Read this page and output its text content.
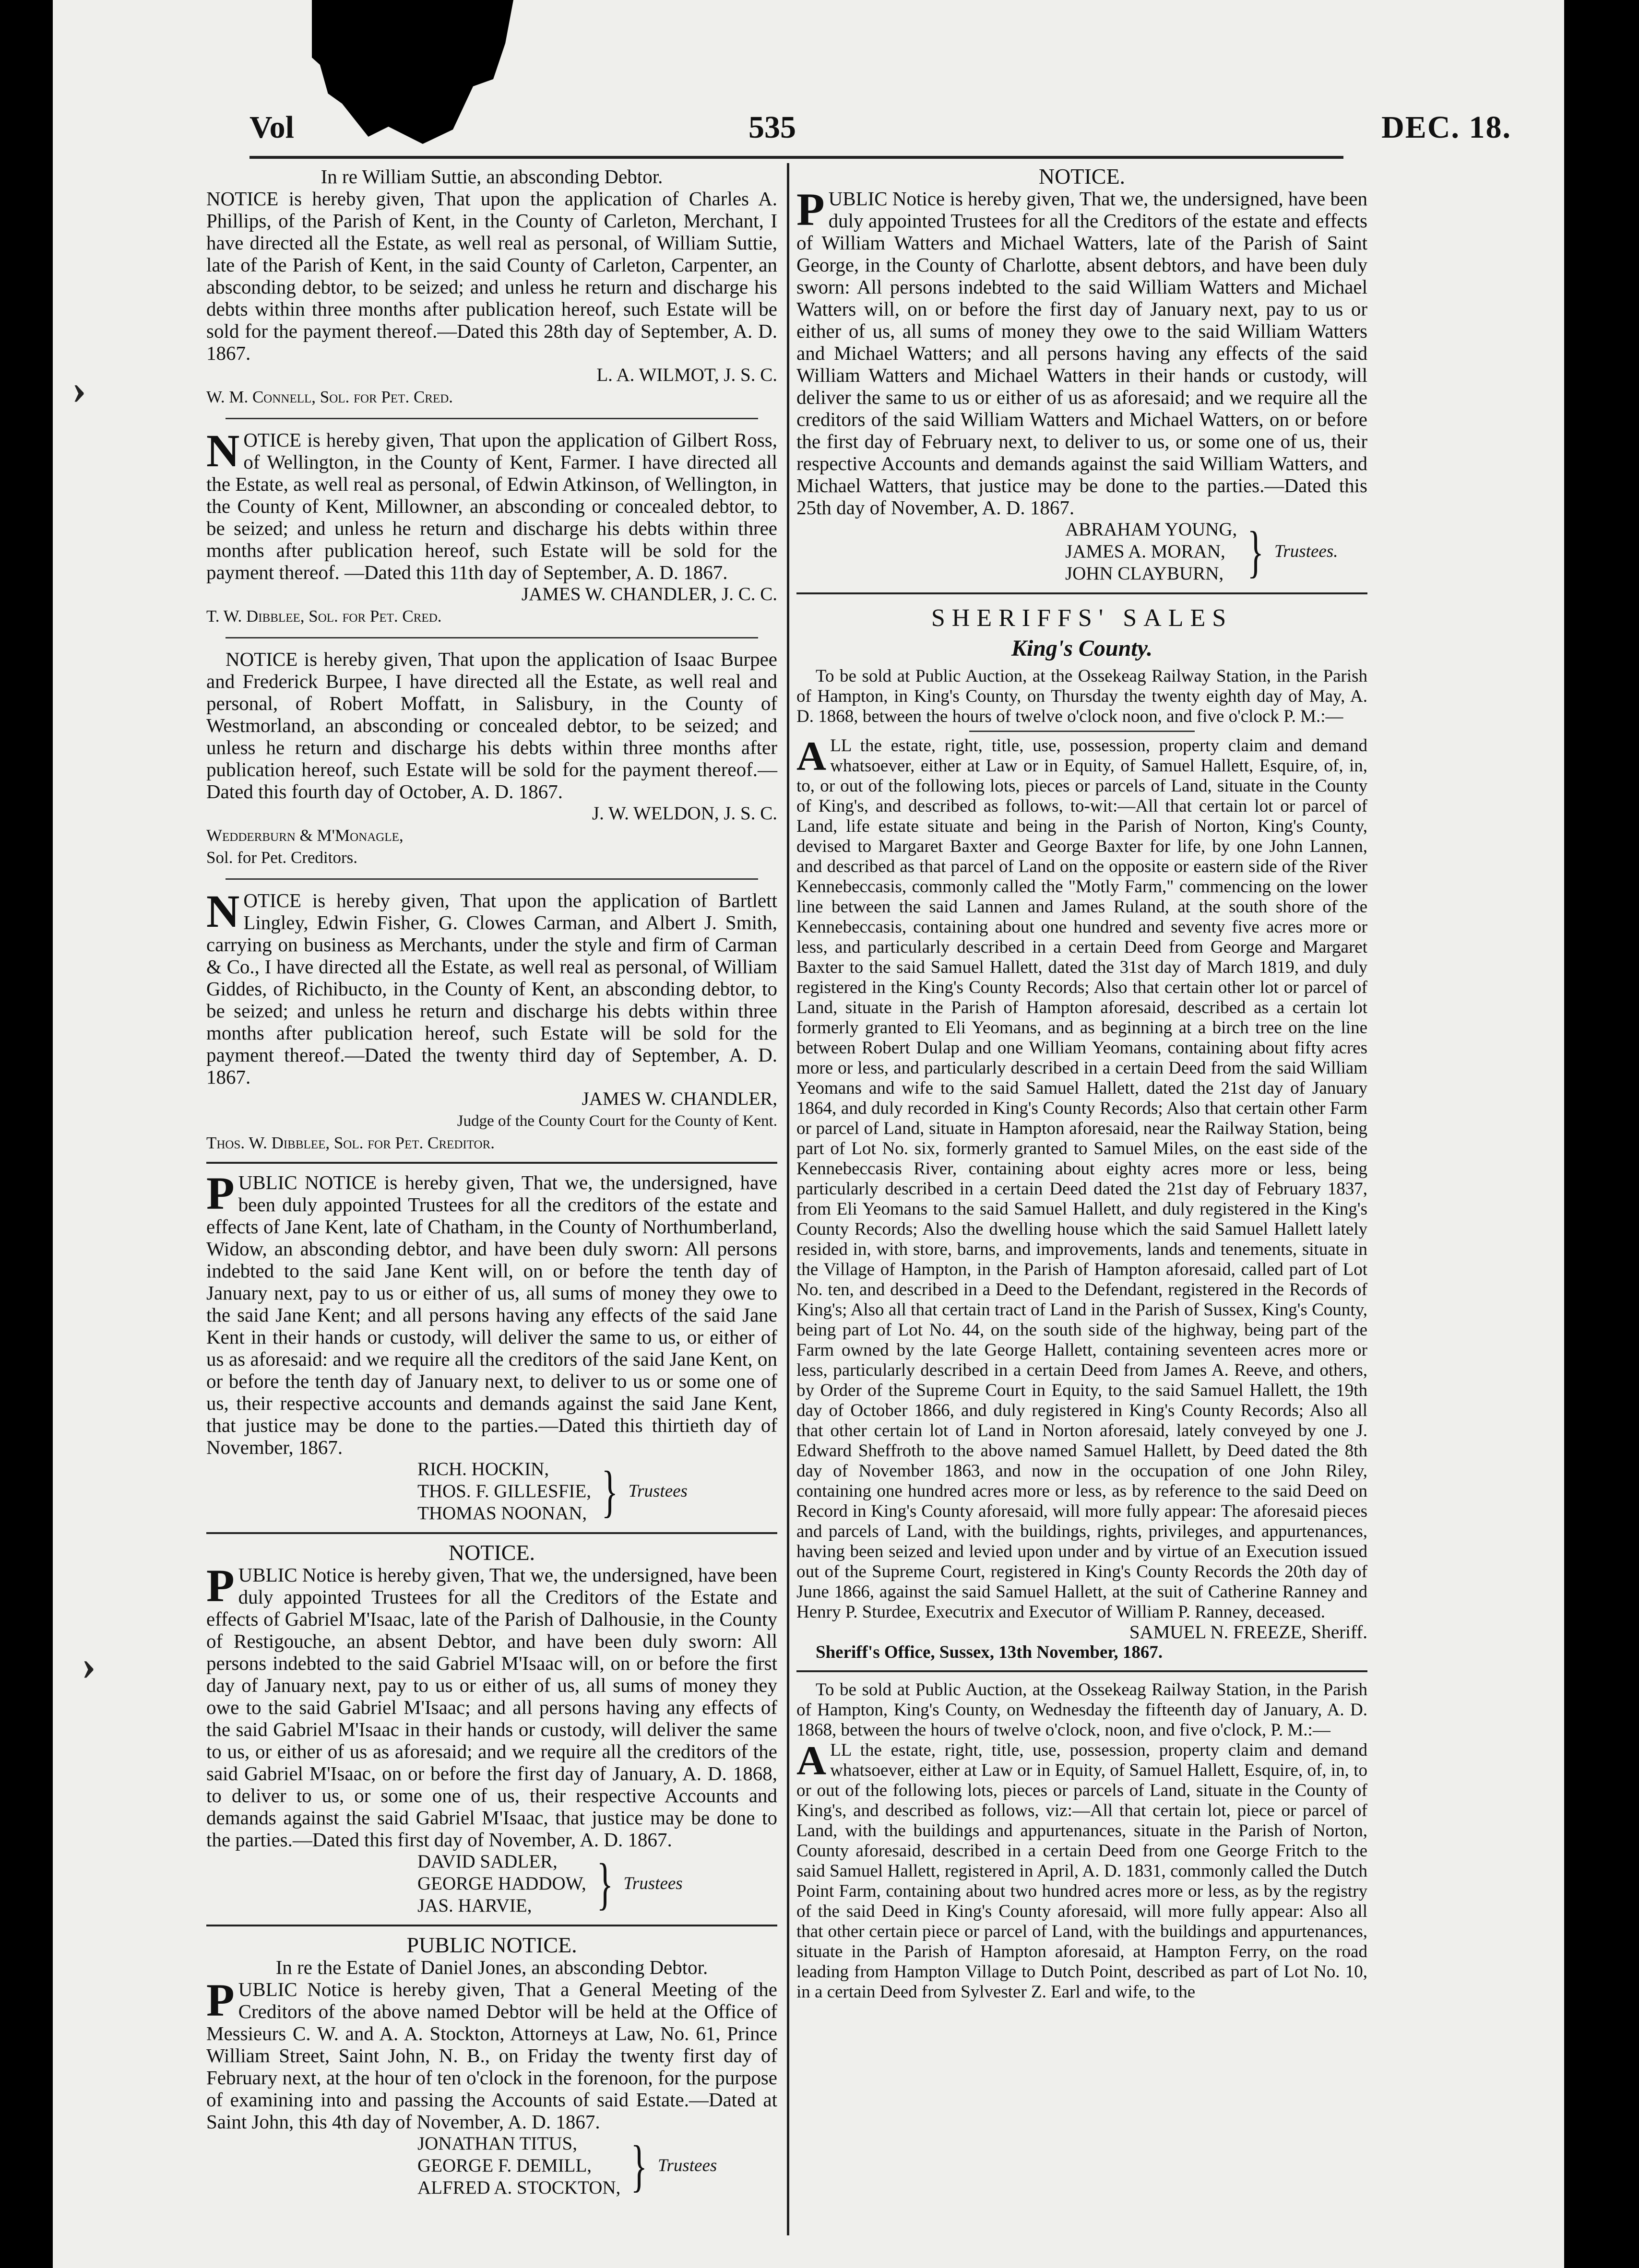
Vol	535	DEC. 18.
›
›

In re William Suttie, an absconding Debtor.

NOTICE is hereby given, That upon the application of Charles A. Phillips, of the Parish of Kent, in the County of Carleton, Merchant, I have directed all the Estate, as well real as personal, of William Suttie, late of the Parish of Kent, in the said County of Carleton, Carpenter, an absconding debtor, to be seized; and unless he return and discharge his debts within three months after publication hereof, such Estate will be sold for the payment thereof.—Dated this 28th day of September, A. D. 1867.

L. A. WILMOT, J. S. C.

W. M. Connell, Sol. for Pet. Cred.

NOTICE is hereby given, That upon the application of Gilbert Ross, of Wellington, in the County of Kent, Farmer. I have directed all the Estate, as well real as personal, of Edwin Atkinson, of Wellington, in the County of Kent, Millowner, an absconding or concealed debtor, to be seized; and unless he return and discharge his debts within three months after publication hereof, such Estate will be sold for the payment thereof. —Dated this 11th day of September, A. D. 1867.

JAMES W. CHANDLER, J. C. C.

T. W. Dibblee, Sol. for Pet. Cred.

NOTICE is hereby given, That upon the application of Isaac Burpee and Frederick Burpee, I have directed all the Estate, as well real and personal, of Robert Moffatt, in Salisbury, in the County of Westmorland, an absconding or concealed debtor, to be seized; and unless he return and discharge his debts within three months after publication hereof, such Estate will be sold for the payment thereof.—Dated this fourth day of October, A. D. 1867.

J. W. WELDON, J. S. C.

Wedderburn & M'Monagle,

Sol. for Pet. Creditors.

NOTICE is hereby given, That upon the application of Bartlett Lingley, Edwin Fisher, G. Clowes Carman, and Albert J. Smith, carrying on business as Merchants, under the style and firm of Carman & Co., I have directed all the Estate, as well real as personal, of William Giddes, of Richibucto, in the County of Kent, an absconding debtor, to be seized; and unless he return and discharge his debts within three months after publication hereof, such Estate will be sold for the payment thereof.—Dated the twenty third day of September, A. D. 1867.

JAMES W. CHANDLER,

Judge of the County Court for the County of Kent.

Thos. W. Dibblee, Sol. for Pet. Creditor.

PUBLIC NOTICE is hereby given, That we, the undersigned, have been duly appointed Trustees for all the creditors of the estate and effects of Jane Kent, late of Chatham, in the County of Northumberland, Widow, an absconding debtor, and have been duly sworn: All persons indebted to the said Jane Kent will, on or before the tenth day of January next, pay to us or either of us, all sums of money they owe to the said Jane Kent; and all persons having any effects of the said Jane Kent in their hands or custody, will deliver the same to us, or either of us as aforesaid: and we require all the creditors of the said Jane Kent, on or before the tenth day of January next, to deliver to us or some one of us, their respective accounts and demands against the said Jane Kent, that justice may be done to the parties.—Dated this thirtieth day of November, 1867.

RICH. HOCKIN,
THOS. F. GILLESFIE,
THOMAS NOONAN, } Trustees

NOTICE.

PUBLIC Notice is hereby given, That we, the undersigned, have been duly appointed Trustees for all the Creditors of the Estate and effects of Gabriel M'Isaac, late of the Parish of Dalhousie, in the County of Restigouche, an absent Debtor, and have been duly sworn: All persons indebted to the said Gabriel M'Isaac will, on or before the first day of January next, pay to us or either of us, all sums of money they owe to the said Gabriel M'Isaac; and all persons having any effects of the said Gabriel M'Isaac in their hands or custody, will deliver the same to us, or either of us as aforesaid; and we require all the creditors of the said Gabriel M'Isaac, on or before the first day of January, A. D. 1868, to deliver to us, or some one of us, their respective Accounts and demands against the said Gabriel M'Isaac, that justice may be done to the parties.—Dated this first day of November, A. D. 1867.

DAVID SADLER,
GEORGE HADDOW,
JAS. HARVIE,	} Trustees

PUBLIC NOTICE.

In re the Estate of Daniel Jones, an absconding Debtor.

PUBLIC Notice is hereby given, That a General Meeting of the Creditors of the above named Debtor will be held at the Office of Messieurs C. W. and A. A. Stockton, Attorneys at Law, No. 61, Prince William Street, Saint John, N. B., on Friday the twenty first day of February next, at the hour of ten o'clock in the forenoon, for the purpose of examining into and passing the Accounts of said Estate.—Dated at Saint John, this 4th day of November, A. D. 1867.

JONATHAN TITUS,
GEORGE F. DEMILL,
ALFRED A. STOCKTON, } Trustees

NOTICE.

PUBLIC Notice is hereby given, That we, the undersigned, have been duly appointed Trustees for all the Creditors of the estate and effects of William Watters and Michael Watters, late of the Parish of Saint George, in the County of Charlotte, absent debtors, and have been duly sworn: All persons indebted to the said William Watters and Michael Watters will, on or before the first day of January next, pay to us or either of us, all sums of money they owe to the said William Watters and Michael Watters; and all persons having any effects of the said William Watters and Michael Watters in their hands or custody, will deliver the same to us or either of us as aforesaid; and we require all the creditors of the said William Watters and Michael Watters, on or before the first day of February next, to deliver to us, or some one of us, their respective Accounts and demands against the said William Watters, and Michael Watters, that justice may be done to the parties.—Dated this 25th day of November, A. D. 1867.

ABRAHAM YOUNG,
JAMES A. MORAN,
JOHN CLAYBURN, } Trustees.

SHERIFFS' SALES

King's County.

To be sold at Public Auction, at the Ossekeag Railway Station, in the Parish of Hampton, in King's County, on Thursday the twenty eighth day of May, A. D. 1868, between the hours of twelve o'clock noon, and five o'clock P. M.:—

ALL the estate, right, title, use, possession, property claim and demand whatsoever, either at Law or in Equity, of Samuel Hallett, Esquire, of, in, to, or out of the following lots, pieces or parcels of Land, situate in the County of King's, and described as follows, to-wit:—All that certain lot or parcel of Land, life estate situate and being in the Parish of Norton, King's County, devised to Margaret Baxter and George Baxter for life, by one John Lannen, and described as that parcel of Land on the opposite or eastern side of the River Kennebeccasis, commonly called the "Motly Farm," commencing on the lower line between the said Lannen and James Ruland, at the south shore of the Kennebeccasis, containing about one hundred and seventy five acres more or less, and particularly described in a certain Deed from George and Margaret Baxter to the said Samuel Hallett, dated the 31st day of March 1819, and duly registered in the King's County Records; Also that certain other lot or parcel of Land, situate in the Parish of Hampton aforesaid, described as a certain lot formerly granted to Eli Yeomans, and as beginning at a birch tree on the line between Robert Dulap and one William Yeomans, containing about fifty acres more or less, and particularly described in a certain Deed from the said William Yeomans and wife to the said Samuel Hallett, dated the 21st day of January 1864, and duly recorded in King's County Records; Also that certain other Farm or parcel of Land, situate in Hampton aforesaid, near the Railway Station, being part of Lot No. six, formerly granted to Samuel Miles, on the east side of the Kennebeccasis River, containing about eighty acres more or less, being particularly described in a certain Deed dated the 21st day of February 1837, from Eli Yeomans to the said Samuel Hallett, and duly registered in the King's County Records; Also the dwelling house which the said Samuel Hallett lately resided in, with store, barns, and improvements, lands and tenements, situate in the Village of Hampton, in the Parish of Hampton aforesaid, called part of Lot No. ten, and described in a Deed to the Defendant, registered in the Records of King's; Also all that certain tract of Land in the Parish of Sussex, King's County, being part of Lot No. 44, on the south side of the highway, being part of the Farm owned by the late George Hallett, containing seventeen acres more or less, particularly described in a certain Deed from James A. Reeve, and others, by Order of the Supreme Court in Equity, to the said Samuel Hallett, the 19th day of October 1866, and duly registered in King's County Records; Also all that other certain lot of Land in Norton aforesaid, lately conveyed by one J. Edward Sheffroth to the above named Samuel Hallett, by Deed dated the 8th day of November 1863, and now in the occupation of one John Riley, containing one hundred acres more or less, as by reference to the said Deed on Record in King's County aforesaid, will more fully appear: The aforesaid pieces and parcels of Land, with the buildings, rights, privileges, and appurtenances, having been seized and levied upon under and by virtue of an Execution issued out of the Supreme Court, registered in King's County Records the 20th day of June 1866, against the said Samuel Hallett, at the suit of Catherine Ranney and Henry P. Sturdee, Executrix and Executor of William P. Ranney, deceased.

SAMUEL N. FREEZE, Sheriff.

Sheriff's Office, Sussex, 13th November, 1867.

To be sold at Public Auction, at the Ossekeag Railway Station, in the Parish of Hampton, King's County, on Wednesday the fifteenth day of January, A. D. 1868, between the hours of twelve o'clock, noon, and five o'clock, P. M.:—

ALL the estate, right, title, use, possession, property claim and demand whatsoever, either at Law or in Equity, of Samuel Hallett, Esquire, of, in, to or out of the following lots, pieces or parcels of Land, situate in the County of King's, and described as follows, viz:—All that certain lot, piece or parcel of Land, with the buildings and appurtenances, situate in the Parish of Norton, County aforesaid, described in a certain Deed from one George Fritch to the said Samuel Hallett, registered in April, A. D. 1831, commonly called the Dutch Point Farm, containing about two hundred acres more or less, as by the registry of the said Deed in King's County aforesaid, will more fully appear: Also all that other certain piece or parcel of Land, with the buildings and appurtenances, situate in the Parish of Hampton aforesaid, at Hampton Ferry, on the road leading from Hampton Village to Dutch Point, described as part of Lot No. 10, in a certain Deed from Sylvester Z. Earl and wife, to the
